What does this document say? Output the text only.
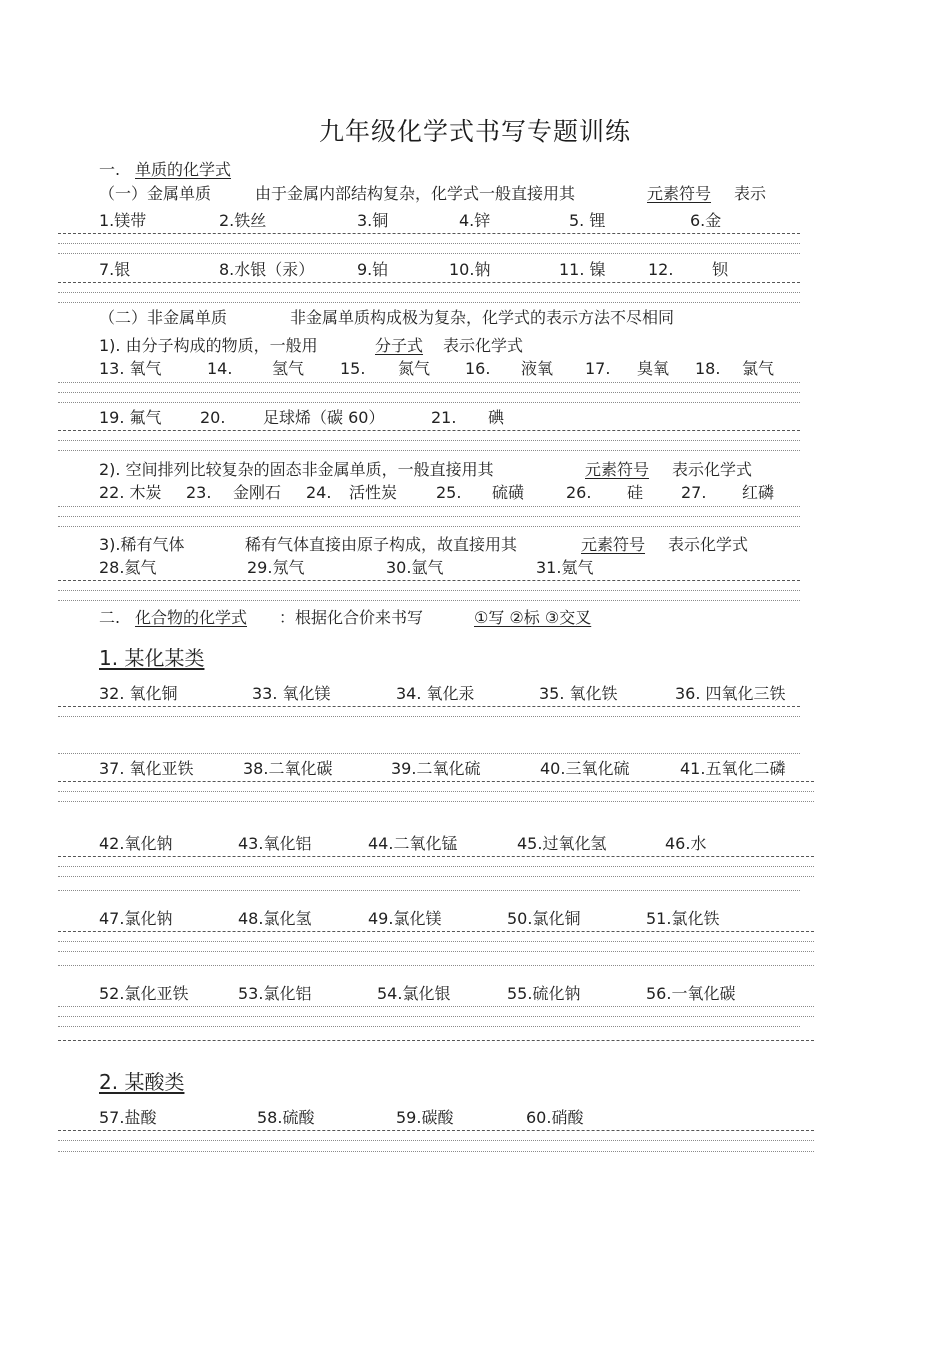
九年级化学式书写专题训练
一. 单质的化学式
（一）金属单质	由于金属内部结构复杂，化学式一般直接用其	元素符号 表示
1.镁带	2.铁丝	3.铜	4.锌	5. 锂	6.金
7.银	8.水银（汞）	9.铂	10.钠	11. 镍	12. 钡
（二）非金属单质	非金属单质构成极为复杂，化学式的表示方法不尽相同
1). 由分子构成的物质，一般用	分子式 表示化学式
13. 氧气	14. 氢气 15. 氮气 16. 液氧 17. 臭氧 18. 氯气
19. 氟气 20. 足球烯（碳 60）	21. 碘
2). 空间排列比较复杂的固态非金属单质，一般直接用其	元素符号 表示化学式
22. 木炭 23. 金刚石 24. 活性炭 25. 硫磺	26. 硅 27. 红磷
3).稀有气体	稀有气体直接由原子构成，故直接用其	元素符号 表示化学式
28.氦气	29.氖气	30.氩气	31.氪气
二. 化合物的化学式 ：根据化合价来书写	①写 ②标 ③交叉
1. 某化某类
32. 氧化铜	33. 氧化镁	34. 氧化汞	35. 氧化铁	36. 四氧化三铁
37. 氧化亚铁	38.二氧化碳	39.二氧化硫	40.三氧化硫	41.五氧化二磷
42.氧化钠	43.氧化铝	44.二氧化锰	45.过氧化氢	46.水
47.氯化钠	48.氯化氢	49.氯化镁	50.氯化铜	51.氯化铁
52.氯化亚铁	53.氯化铝	54.氯化银	55.硫化钠	56.一氧化碳
2. 某酸类
57.盐酸	58.硫酸	59.碳酸	60.硝酸
